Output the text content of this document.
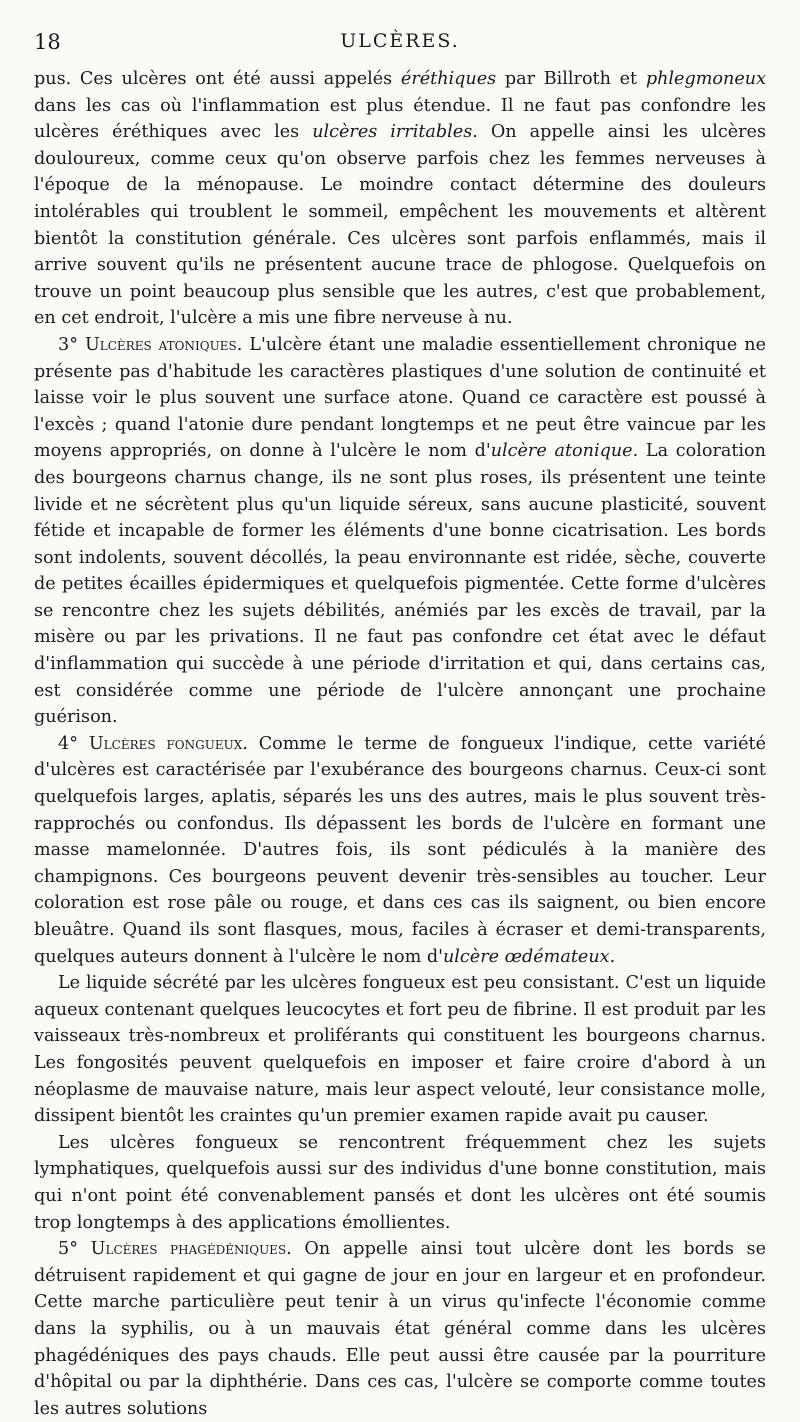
18	ULCÈRES.

pus. Ces ulcères ont été aussi appelés éréthiques par Billroth et phlegmoneux dans les cas où l'inflammation est plus étendue. Il ne faut pas confondre les ulcères éréthiques avec les ulcères irritables. On appelle ainsi les ulcères douloureux, comme ceux qu'on observe parfois chez les femmes nerveuses à l'époque de la ménopause. Le moindre contact détermine des douleurs intolérables qui troublent le sommeil, empêchent les mouvements et altèrent bientôt la constitution générale. Ces ulcères sont parfois enflammés, mais il arrive souvent qu'ils ne présentent aucune trace de phlogose. Quelquefois on trouve un point beaucoup plus sensible que les autres, c'est que probablement, en cet endroit, l'ulcère a mis une fibre nerveuse à nu.

3° Ulcères atoniques. L'ulcère étant une maladie essentiellement chronique ne présente pas d'habitude les caractères plastiques d'une solution de continuité et laisse voir le plus souvent une surface atone. Quand ce caractère est poussé à l'excès ; quand l'atonie dure pendant longtemps et ne peut être vaincue par les moyens appropriés, on donne à l'ulcère le nom d'ulcère atonique. La coloration des bourgeons charnus change, ils ne sont plus roses, ils présentent une teinte livide et ne sécrètent plus qu'un liquide séreux, sans aucune plasticité, souvent fétide et incapable de former les éléments d'une bonne cicatrisation. Les bords sont indolents, souvent décollés, la peau environnante est ridée, sèche, couverte de petites écailles épidermiques et quelquefois pigmentée. Cette forme d'ulcères se rencontre chez les sujets débilités, anémiés par les excès de travail, par la misère ou par les privations. Il ne faut pas confondre cet état avec le défaut d'inflammation qui succède à une période d'irritation et qui, dans certains cas, est considérée comme une période de l'ulcère annonçant une prochaine guérison.

4° Ulcères fongueux. Comme le terme de fongueux l'indique, cette variété d'ulcères est caractérisée par l'exubérance des bourgeons charnus. Ceux-ci sont quelquefois larges, aplatis, séparés les uns des autres, mais le plus souvent très-rapprochés ou confondus. Ils dépassent les bords de l'ulcère en formant une masse mamelonnée. D'autres fois, ils sont pédiculés à la manière des champignons. Ces bourgeons peuvent devenir très-sensibles au toucher. Leur coloration est rose pâle ou rouge, et dans ces cas ils saignent, ou bien encore bleuâtre. Quand ils sont flasques, mous, faciles à écraser et demi-transparents, quelques auteurs donnent à l'ulcère le nom d'ulcère œdémateux.

Le liquide sécrété par les ulcères fongueux est peu consistant. C'est un liquide aqueux contenant quelques leucocytes et fort peu de fibrine. Il est produit par les vaisseaux très-nombreux et proliférants qui constituent les bourgeons charnus. Les fongosités peuvent quelquefois en imposer et faire croire d'abord à un néoplasme de mauvaise nature, mais leur aspect velouté, leur consistance molle, dissipent bientôt les craintes qu'un premier examen rapide avait pu causer.

Les ulcères fongueux se rencontrent fréquemment chez les sujets lymphatiques, quelquefois aussi sur des individus d'une bonne constitution, mais qui n'ont point été convenablement pansés et dont les ulcères ont été soumis trop longtemps à des applications émollientes.

5° Ulcères phagédéniques. On appelle ainsi tout ulcère dont les bords se détruisent rapidement et qui gagne de jour en jour en largeur et en profondeur. Cette marche particulière peut tenir à un virus qu'infecte l'économie comme dans la syphilis, ou à un mauvais état général comme dans les ulcères phagédéniques des pays chauds. Elle peut aussi être causée par la pourriture d'hôpital ou par la diphthérie. Dans ces cas, l'ulcère se comporte comme toutes les autres solutions
